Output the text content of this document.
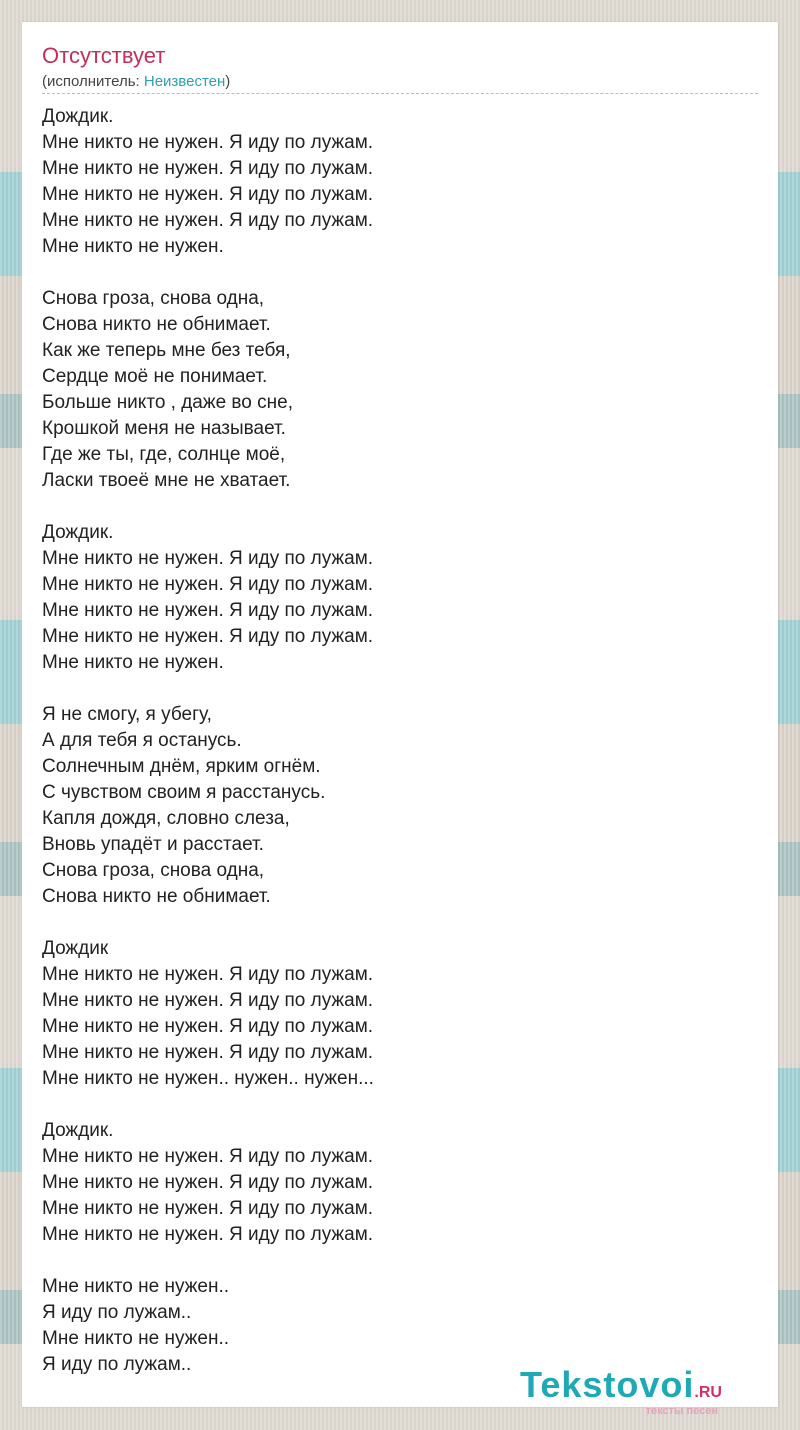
Отсутствует
(исполнитель: Неизвестен)
Дождик.
Мне никто не нужен. Я иду по лужам.
Мне никто не нужен. Я иду по лужам.
Мне никто не нужен. Я иду по лужам.
Мне никто не нужен. Я иду по лужам.
Мне никто не нужен.
Снова гроза, снова одна,
Снова никто не обнимает.
Как же теперь мне без тебя,
Сердце моё не понимает.
Больше никто , даже во сне,
Крошкой меня не называет.
Где же ты, где, солнце моё,
Ласки твоеё мне не хватает.
Дождик.
Мне никто не нужен. Я иду по лужам.
Мне никто не нужен. Я иду по лужам.
Мне никто не нужен. Я иду по лужам.
Мне никто не нужен. Я иду по лужам.
Мне никто не нужен.
Я не смогу, я убегу,
А для тебя я останусь.
Солнечным днём, ярким огнём.
С чувством своим я расстанусь.
Капля дождя, словно слеза,
Вновь упадёт и расстает.
Снова гроза, снова одна,
Снова никто не обнимает.
Дождик
Мне никто не нужен. Я иду по лужам.
Мне никто не нужен. Я иду по лужам.
Мне никто не нужен. Я иду по лужам.
Мне никто не нужен. Я иду по лужам.
Мне никто не нужен.. нужен.. нужен...
Дождик.
Мне никто не нужен. Я иду по лужам.
Мне никто не нужен. Я иду по лужам.
Мне никто не нужен. Я иду по лужам.
Мне никто не нужен. Я иду по лужам.
Мне никто не нужен..
Я иду по лужам..
Мне никто не нужен..
Я иду по лужам..	Tekstovoi.RU
тексты песен
